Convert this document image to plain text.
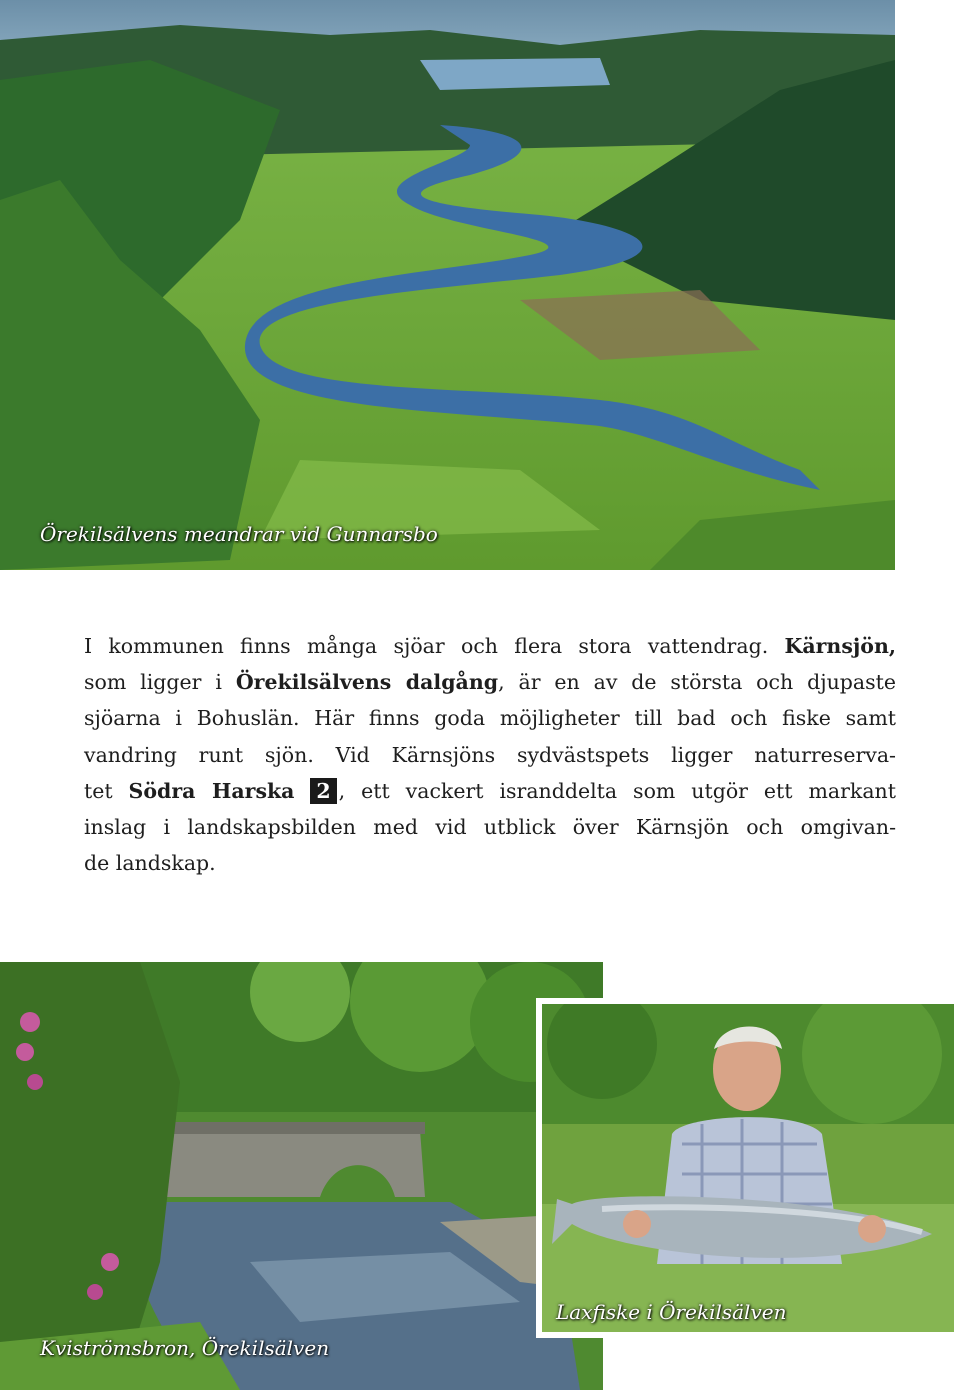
Örekilsälvens meandrar vid Gunnarsbo
I kommunen finns många sjöar och flera stora vattendrag. Kärnsjön,
som ligger i Örekilsälvens dalgång, är en av de största och djupaste
sjöarna i Bohuslän. Här finns goda möjligheter till bad och fiske samt
vandring runt sjön. Vid Kärnsjöns sydvästspets ligger naturreserva-
tet Södra Harska 2 , ett vackert isranddelta som utgör ett markant
inslag i landskapsbilden med vid utblick över Kärnsjön och omgivan-
de landskap.
Kviströmsbron, Örekilsälven
Laxfiske i Örekilsälven
